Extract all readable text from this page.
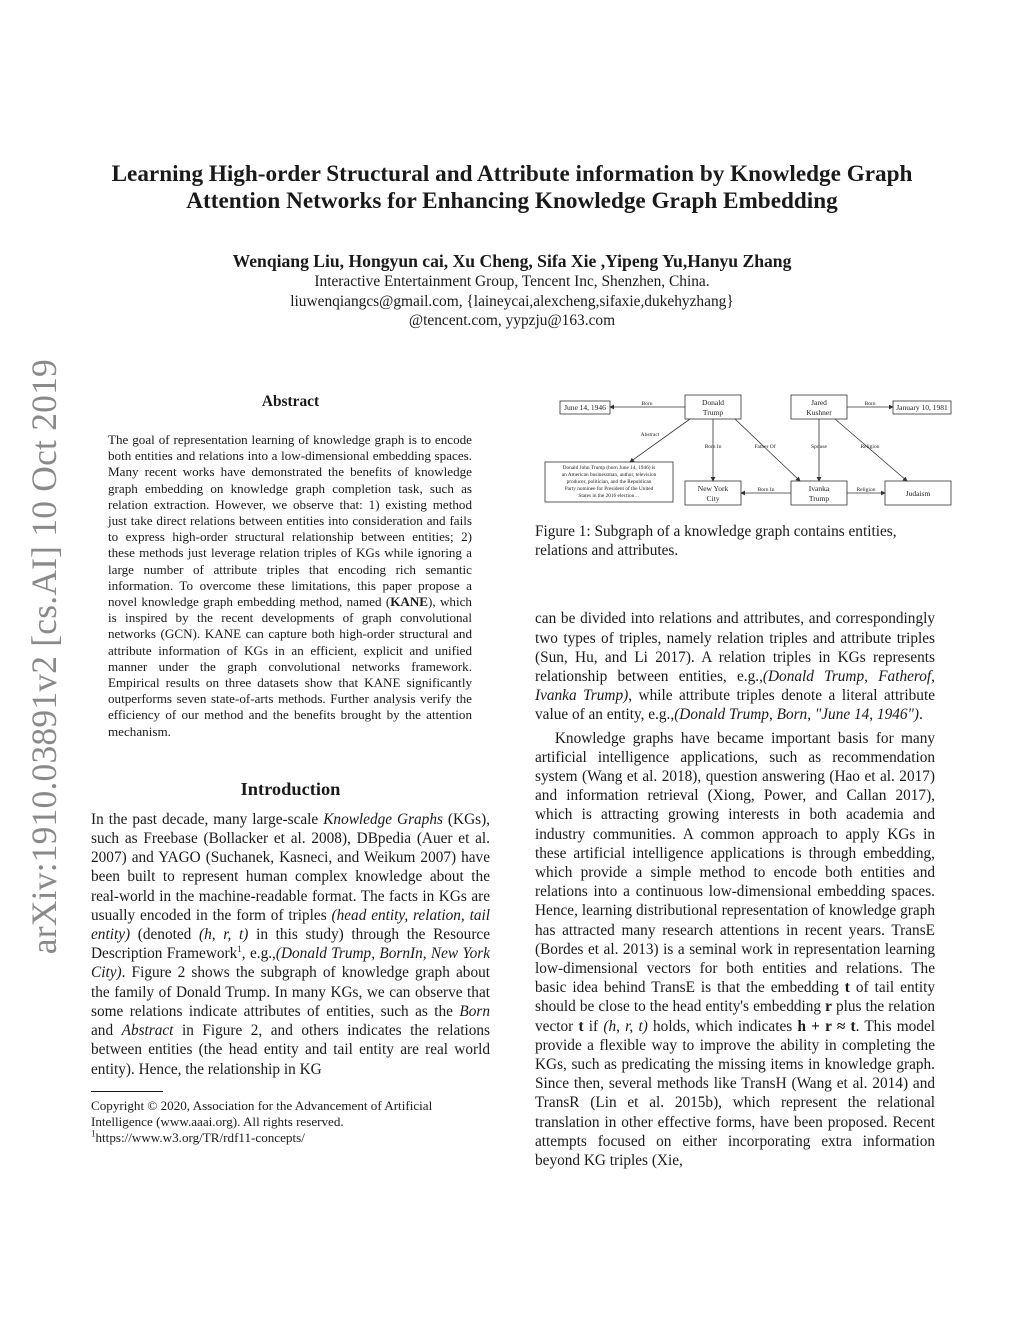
arXiv:1910.03891v2 [cs.AI] 10 Oct 2019
Learning High-order Structural and Attribute information by Knowledge Graph
Attention Networks for Enhancing Knowledge Graph Embedding
Wenqiang Liu, Hongyun cai, Xu Cheng, Sifa Xie ,Yipeng Yu,Hanyu Zhang
Interactive Entertainment Group, Tencent Inc, Shenzhen, China.
liuwenqiangcs@gmail.com, {laineycai,alexcheng,sifaxie,dukehyzhang}
@tencent.com, yypzju@163.com
Abstract
The goal of representation learning of knowledge graph is to encode both entities and relations into a low-dimensional embedding spaces. Many recent works have demonstrated the benefits of knowledge graph embedding on knowledge graph completion task, such as relation extraction. However, we observe that: 1) existing method just take direct relations between entities into consideration and fails to express high-order structural relationship between entities; 2) these methods just leverage relation triples of KGs while ignoring a large number of attribute triples that encoding rich semantic information. To overcome these limitations, this paper propose a novel knowledge graph embedding method, named (KANE), which is inspired by the recent developments of graph convolutional networks (GCN). KANE can capture both high-order structural and attribute information of KGs in an efficient, explicit and unified manner under the graph convolutional networks framework. Empirical results on three datasets show that KANE significantly outperforms seven state-of-arts methods. Further analysis verify the efficiency of our method and the benefits brought by the attention mechanism.
Introduction

In the past decade, many large-scale Knowledge Graphs (KGs), such as Freebase (Bollacker et al. 2008), DBpedia (Auer et al. 2007) and YAGO (Suchanek, Kasneci, and Weikum 2007) have been built to represent human complex knowledge about the real-world in the machine-readable format. The facts in KGs are usually encoded in the form of triples (head entity, relation, tail entity) (denoted (h, r, t) in this study) through the Resource Description Framework$^1$, e.g.,(Donald Trump, BornIn, New York City). Figure 2 shows the subgraph of knowledge graph about the family of Donald Trump. In many KGs, we can observe that some relations indicate attributes of entities, such as the Born and Abstract in Figure 2, and others indicates the relations between entities (the head entity and tail entity are real world entity). Hence, the relationship in KG

Copyright © 2020, Association for the Advancement of Artificial Intelligence (www.aaai.org). All rights reserved.
$^1$https://www.w3.org/TR/rdf11-concepts/
June 14, 1946
Donald
Trump
Jared
Kushner
January 10, 1981
New York
City
Ivanka
Trump
Judaism
Donald John Trump (born June 14, 1946) is
an American businessman, author, television
producer, politician, and the Republican
Party nominee for President of the United
States in the 2016 election…
Born	Born
Abstract
Born In	Father Of	Spouse	Religion
Born In	Religion
Figure 1: Subgraph of a knowledge graph contains entities, relations and attributes.

can be divided into relations and attributes, and correspondingly two types of triples, namely relation triples and attribute triples (Sun, Hu, and Li 2017). A relation triples in KGs represents relationship between entities, e.g.,(Donald Trump, Fatherof, Ivanka Trump), while attribute triples denote a literal attribute value of an entity, e.g.,(Donald Trump, Born, "June 14, 1946").

Knowledge graphs have became important basis for many artificial intelligence applications, such as recommendation system (Wang et al. 2018), question answering (Hao et al. 2017) and information retrieval (Xiong, Power, and Callan 2017), which is attracting growing interests in both academia and industry communities. A common approach to apply KGs in these artificial intelligence applications is through embedding, which provide a simple method to encode both entities and relations into a continuous low-dimensional embedding spaces. Hence, learning distributional representation of knowledge graph has attracted many research attentions in recent years. TransE (Bordes et al. 2013) is a seminal work in representation learning low-dimensional vectors for both entities and relations. The basic idea behind TransE is that the embedding t of tail entity should be close to the head entity's embedding r plus the relation vector t if (h, r, t) holds, which indicates h + r ≈ t. This model provide a flexible way to improve the ability in completing the KGs, such as predicating the missing items in knowledge graph. Since then, several methods like TransH (Wang et al. 2014) and TransR (Lin et al. 2015b), which represent the relational translation in other effective forms, have been proposed. Recent attempts focused on either incorporating extra information beyond KG triples (Xie,
